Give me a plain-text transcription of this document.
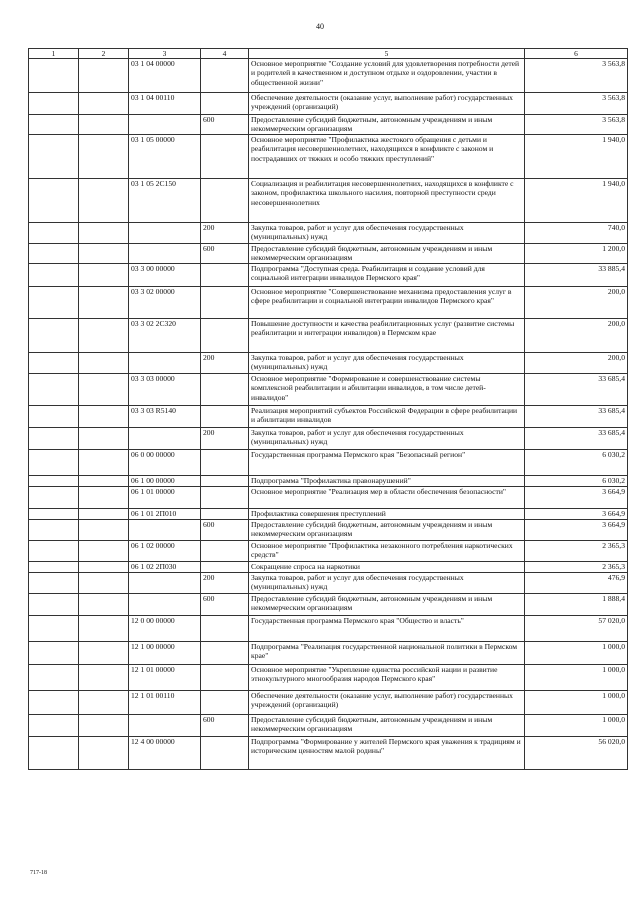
40
1	2	3	4	5	6
		03 1 04 00000		Основное мероприятие "Создание условий для удовлетворения потребности детей и родителей в качественном и доступном отдыхе и оздоровлении, участии в общественной жизни"	3 563,8
		03 1 04 00110		Обеспечение деятельности (оказание услуг, выполнение работ) государственных учреждений (организаций)	3 563,8
			600	Предоставление субсидий бюджетным, автономным учреждениям и иным некоммерческим организациям	3 563,8
		03 1 05 00000		Основное мероприятие "Профилактика жестокого обращения с детьми и реабилитация несовершеннолетних, находящихся в конфликте с законом и пострадавших от тяжких и особо тяжких преступлений"	1 940,0
		03 1 05 2С150		Социализация и реабилитация несовершеннолетних, находящихся в конфликте с законом, профилактика школьного насилия, повторной преступности среди несовершеннолетних	1 940,0
			200	Закупка товаров, работ и услуг для обеспечения государственных (муниципальных) нужд	740,0
			600	Предоставление субсидий бюджетным, автономным учреждениям и иным некоммерческим организациям	1 200,0
		03 3 00 00000		Подпрограмма "Доступная среда. Реабилитация и создание условий для социальной интеграции инвалидов Пермского края"	33 885,4
		03 3 02 00000		Основное мероприятие "Совершенствование механизма предоставления услуг в сфере реабилитации и социальной интеграции инвалидов Пермского края"	200,0
		03 3 02 2С320		Повышение доступности и качества реабилитационных услуг (развитие системы реабилитации и интеграции инвалидов) в Пермском крае	200,0
			200	Закупка товаров, работ и услуг для обеспечения государственных (муниципальных) нужд	200,0
		03 3 03 00000		Основное мероприятие "Формирование и совершенствование системы комплексной реабилитации и абилитации инвалидов, в том числе детей-инвалидов"	33 685,4
		03 3 03 R5140		Реализация мероприятий субъектов Российской Федерации в сфере реабилитации и абилитации инвалидов	33 685,4
			200	Закупка товаров, работ и услуг для обеспечения государственных (муниципальных) нужд	33 685,4
		06 0 00 00000		Государственная программа Пермского края "Безопасный регион"	6 030,2
		06 1 00 00000		Подпрограмма "Профилактика правонарушений"	6 030,2
		06 1 01 00000		Основное мероприятие "Реализация мер в области обеспечения безопасности"	3 664,9
		06 1 01 2П010		Профилактика совершения преступлений	3 664,9
			600	Предоставление субсидий бюджетным, автономным учреждениям и иным некоммерческим организациям	3 664,9
		06 1 02 00000		Основное мероприятие "Профилактика незаконного потребления наркотических средств"	2 365,3
		06 1 02 2П030		Сокращение спроса на наркотики	2 365,3
			200	Закупка товаров, работ и услуг для обеспечения государственных (муниципальных) нужд	476,9
			600	Предоставление субсидий бюджетным, автономным учреждениям и иным некоммерческим организациям	1 888,4
		12 0 00 00000		Государственная программа Пермского края "Общество и власть"	57 020,0
		12 1 00 00000		Подпрограмма "Реализация государственной национальной политики в Пермском крае"	1 000,0
		12 1 01 00000		Основное мероприятие "Укрепление единства российской нации и развитие этнокультурного многообразия народов Пермского края"	1 000,0
		12 1 01 00110		Обеспечение деятельности (оказание услуг, выполнение работ) государственных учреждений (организаций)	1 000,0
			600	Предоставление субсидий бюджетным, автономным учреждениям и иным некоммерческим организациям	1 000,0
		12 4 00 00000		Подпрограмма "Формирование у жителей Пермского края уважения к традициям и историческим ценностям малой родины"	56 020,0
717-18
